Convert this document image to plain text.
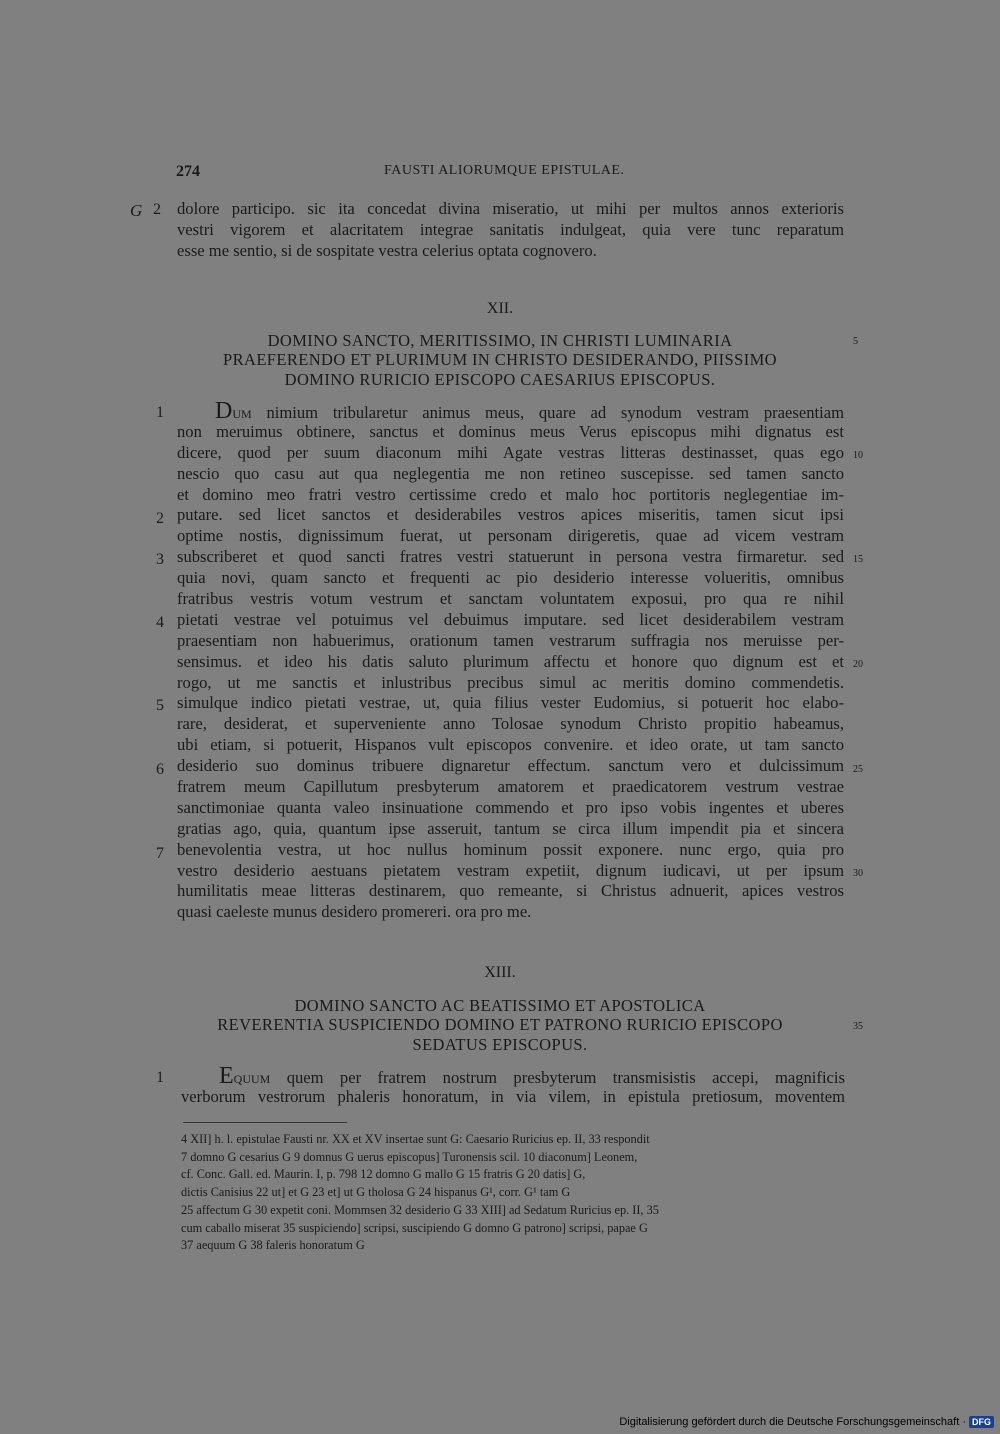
274	FAUSTI ALIORUMQUE EPISTULAE.
G 2 dolore participo. sic ita concedat divina miseratio, ut mihi per multos annos exterioris
vestri vigorem et alacritatem integrae sanitatis indulgeat, quia vere tunc reparatum
esse me sentio, si de sospitate vestra celerius optata cognovero.
XII.
DOMINO SANCTO, MERITISSIMO, IN CHRISTI LUMINARIA
PRAEFERENDO ET PLURIMUM IN CHRISTO DESIDERANDO, PIISSIMO
DOMINO RURICIO EPISCOPO CAESARIUS EPISCOPUS.
5
1
2
3
4
5
6
7
10
15
20
25
30
DUM nimium tribularetur animus meus, quare ad synodum vestram praesentiam
non meruimus obtinere, sanctus et dominus meus Verus episcopus mihi dignatus est
dicere, quod per suum diaconum mihi Agate vestras litteras destinasset, quas ego
nescio quo casu aut qua neglegentia me non retineo suscepisse. sed tamen sancto
et domino meo fratri vestro certissime credo et malo hoc portitoris neglegentiae im-
putare. sed licet sanctos et desiderabiles vestros apices miseritis, tamen sicut ipsi
optime nostis, dignissimum fuerat, ut personam dirigeretis, quae ad vicem vestram
subscriberet et quod sancti fratres vestri statuerunt in persona vestra firmaretur. sed
quia novi, quam sancto et frequenti ac pio desiderio interesse volueritis, omnibus
fratribus vestris votum vestrum et sanctam voluntatem exposui, pro qua re nihil
pietati vestrae vel potuimus vel debuimus imputare. sed licet desiderabilem vestram
praesentiam non habuerimus, orationum tamen vestrarum suffragia nos meruisse per-
sensimus. et ideo his datis saluto plurimum affectu et honore quo dignum est et
rogo, ut me sanctis et inlustribus precibus simul ac meritis domino commendetis.
simulque indico pietati vestrae, ut, quia filius vester Eudomius, si potuerit hoc elabo-
rare, desiderat, et superveniente anno Tolosae synodum Christo propitio habeamus,
ubi etiam, si potuerit, Hispanos vult episcopos convenire. et ideo orate, ut tam sancto
desiderio suo dominus tribuere dignaretur effectum. sanctum vero et dulcissimum
fratrem meum Capillutum presbyterum amatorem et praedicatorem vestrum vestrae
sanctimoniae quanta valeo insinuatione commendo et pro ipso vobis ingentes et uberes
gratias ago, quia, quantum ipse asseruit, tantum se circa illum impendit pia et sincera
benevolentia vestra, ut hoc nullus hominum possit exponere. nunc ergo, quia pro
vestro desiderio aestuans pietatem vestram expetiit, dignum iudicavi, ut per ipsum
humilitatis meae litteras destinarem, quo remeante, si Christus adnuerit, apices vestros
quasi caeleste munus desidero promereri. ora pro me.
XIII.
DOMINO SANCTO AC BEATISSIMO ET APOSTOLICA
REVERENTIA SUSPICIENDO DOMINO ET PATRONO RURICIO EPISCOPO
SEDATUS EPISCOPUS.
35
1	EQUUM quem per fratrem nostrum presbyterum transmisistis accepi, magnificis
verborum vestrorum phaleris honoratum, in via vilem, in epistula pretiosum, moventem
4 XII] h. l. epistulae Fausti nr. XX et XV insertae sunt G: Caesario Ruricius ep. II, 33 respondit
7 domno G cesarius G 9 domnus G uerus episcopus] Turonensis scil. 10 diaconum] Leonem,
cf. Conc. Gall. ed. Maurin. I, p. 798 12 domno G mallo G 15 fratris G 20 datis] G,
dictis Canisius 22 ut] et G 23 et] ut G tholosa G 24 hispanus G¹, corr. G¹ tam G
25 affectum G 30 expetit coni. Mommsen 32 desiderio G 33 XIII] ad Sedatum Ruricius ep. II, 35
cum caballo miserat 35 suspiciendo] scripsi, suscipiendo G domno G patrono] scripsi, papae G
37 aequum G 38 faleris honoratum G
Digitalisierung gefördert durch die Deutsche Forschungsgemeinschaft · DFG
